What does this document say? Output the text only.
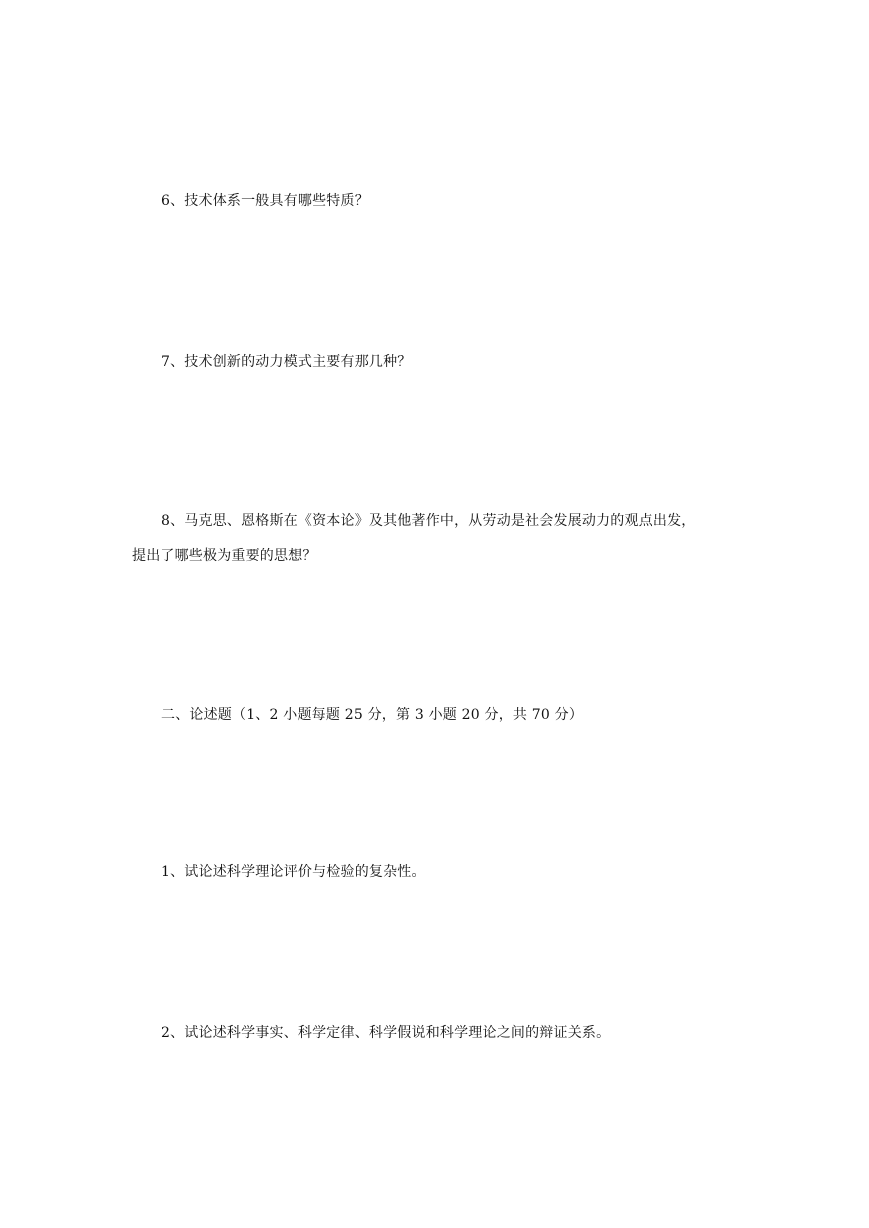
6、技术体系一般具有哪些特质？
7、技术创新的动力模式主要有那几种？
8、马克思、恩格斯在《资本论》及其他著作中，从劳动是社会发展动力的观点出发，
提出了哪些极为重要的思想？
二、论述题（1、2 小题每题 25 分，第 3 小题 20 分，共 70 分）
1、试论述科学理论评价与检验的复杂性。
2、试论述科学事实、科学定律、科学假说和科学理论之间的辩证关系。
